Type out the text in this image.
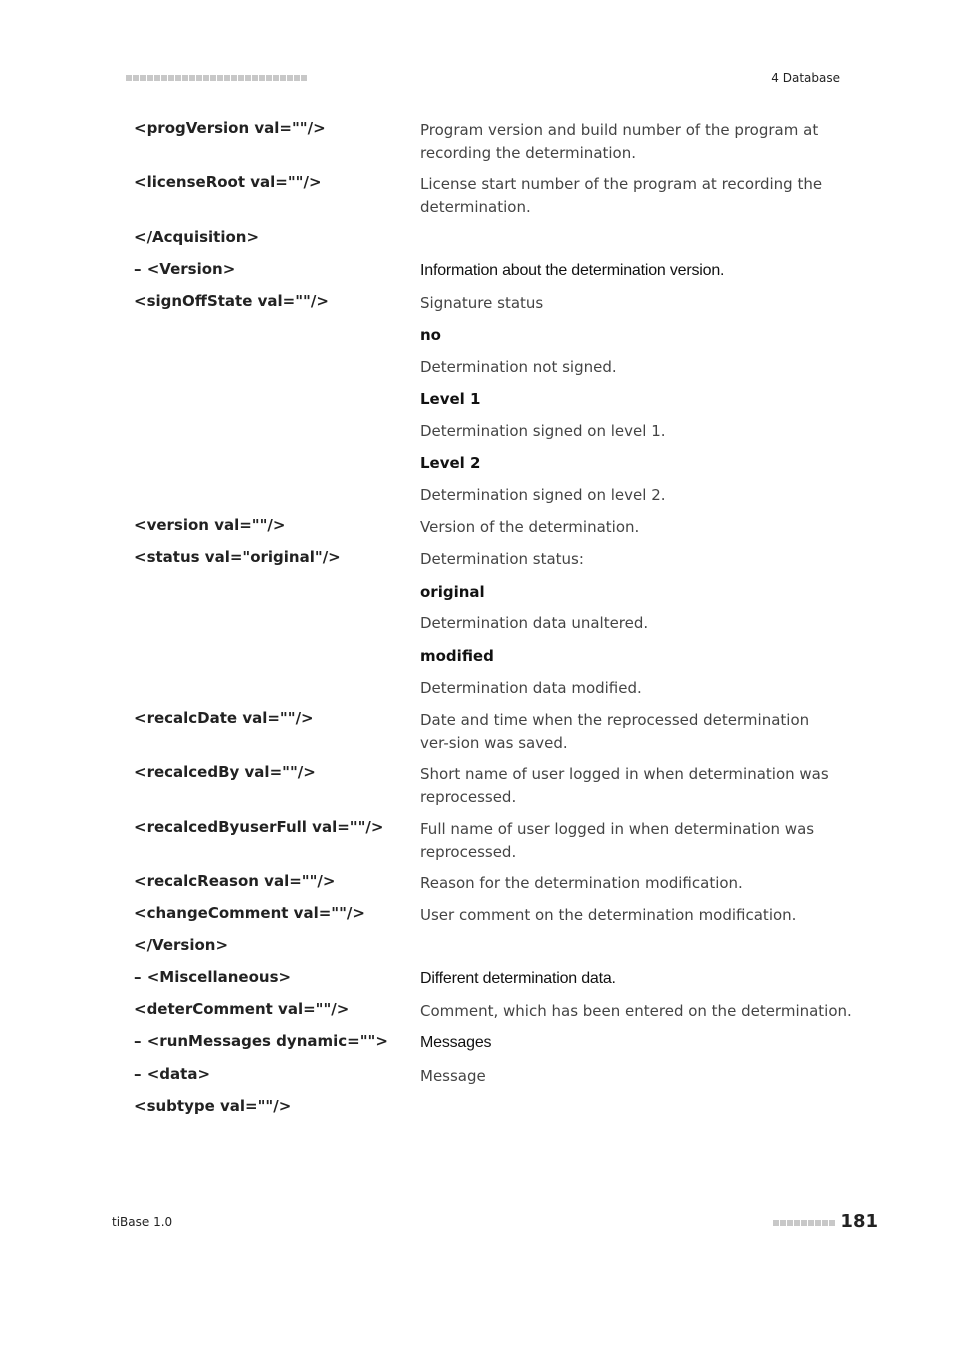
4 Database
<progVersion val=""/>	Program version and build number of the program at recording the determination.
<licenseRoot val=""/>	License start number of the program at recording the determination.
</Acquisition>
– <Version>	Information about the determination version.
<signOffState val=""/>	Signature status
no
Determination not signed.
Level 1
Determination signed on level 1.
Level 2
Determination signed on level 2.
<version val=""/>	Version of the determination.
<status val="original"/>	Determination status:
original
Determination data unaltered.
modified
Determination data modified.
<recalcDate val=""/>	Date and time when the reprocessed determination ver-sion was saved.
<recalcedBy val=""/>	Short name of user logged in when determination was reprocessed.
<recalcedByuserFull val=""/>	Full name of user logged in when determination was reprocessed.
<recalcReason val=""/>	Reason for the determination modification.
<changeComment val=""/>	User comment on the determination modification.
</Version>
– <Miscellaneous>	Different determination data.
<deterComment val=""/>	Comment, which has been entered on the determination.
– <runMessages dynamic="">	Messages
– <data>	Message
<subtype val=""/>
tiBase 1.0	181
